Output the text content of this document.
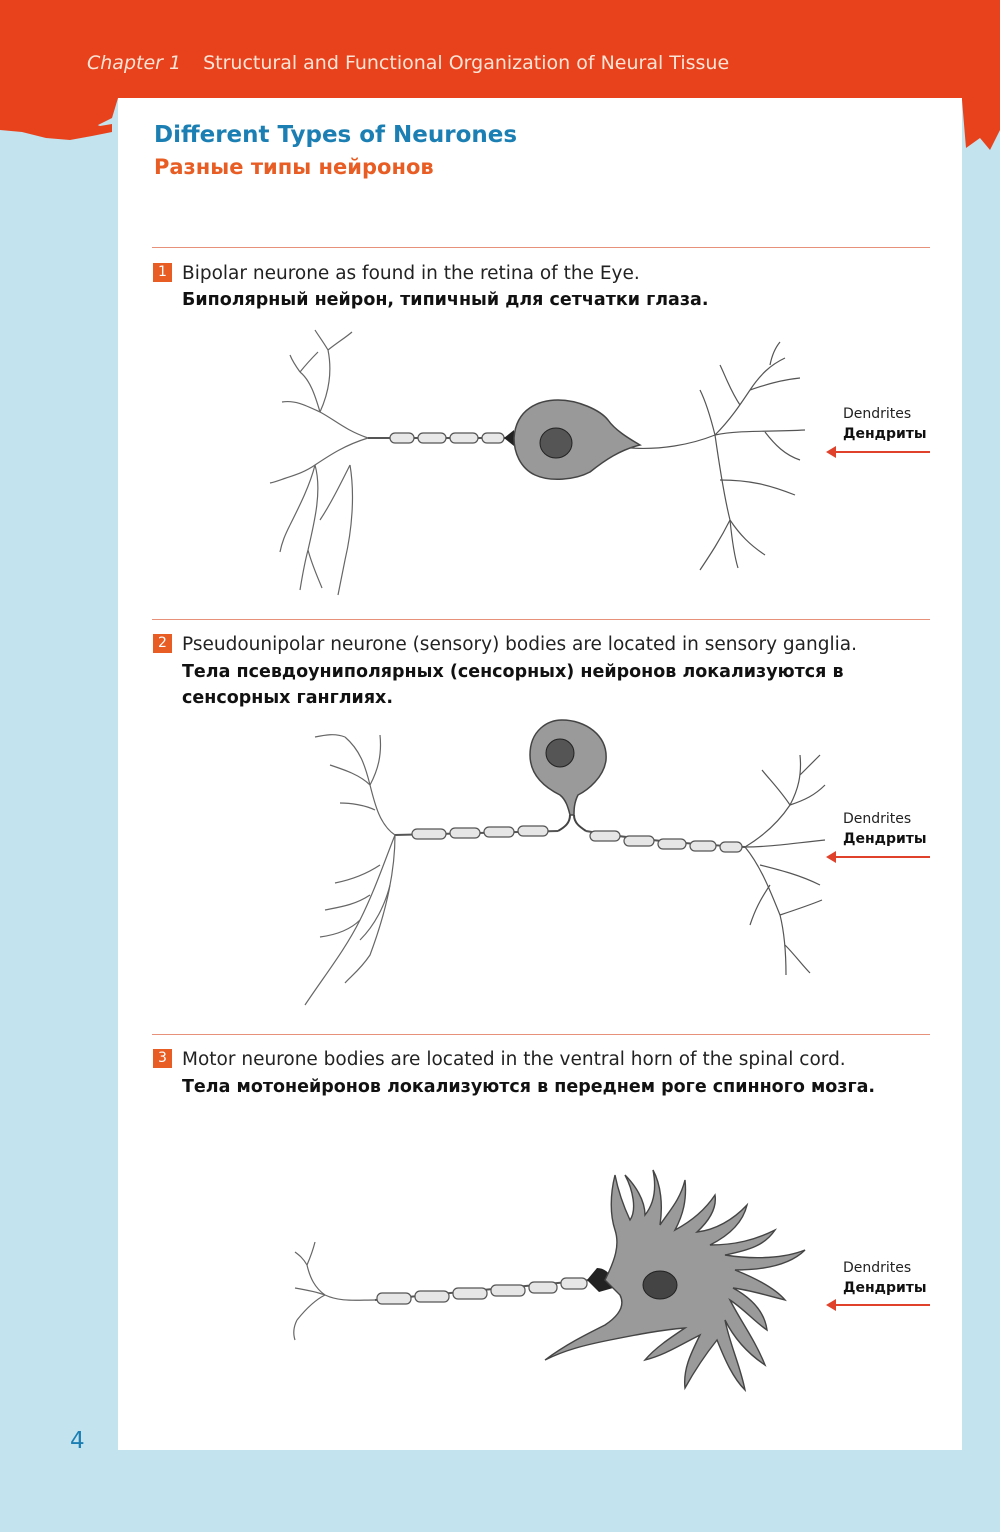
Chapter 1 Structural and Functional Organization of Neural Tissue
Different Types of Neurones
Разные типы нейронов
1 Bipolar neurone as found in the retina of the Eye.
Биполярный нейрон, типичный для сетчатки глаза.
Dendrites
Дендриты
2 Pseudounipolar neurone (sensory) bodies are located in sensory ganglia.
Тела псевдоуниполярных (сенсорных) нейронов локализуются в сенсорных ганглиях.
Dendrites
Дендриты
3 Motor neurone bodies are located in the ventral horn of the spinal cord.
Тела мотонейронов локализуются в переднем роге спинного мозга.
Dendrites
Дендриты
4
